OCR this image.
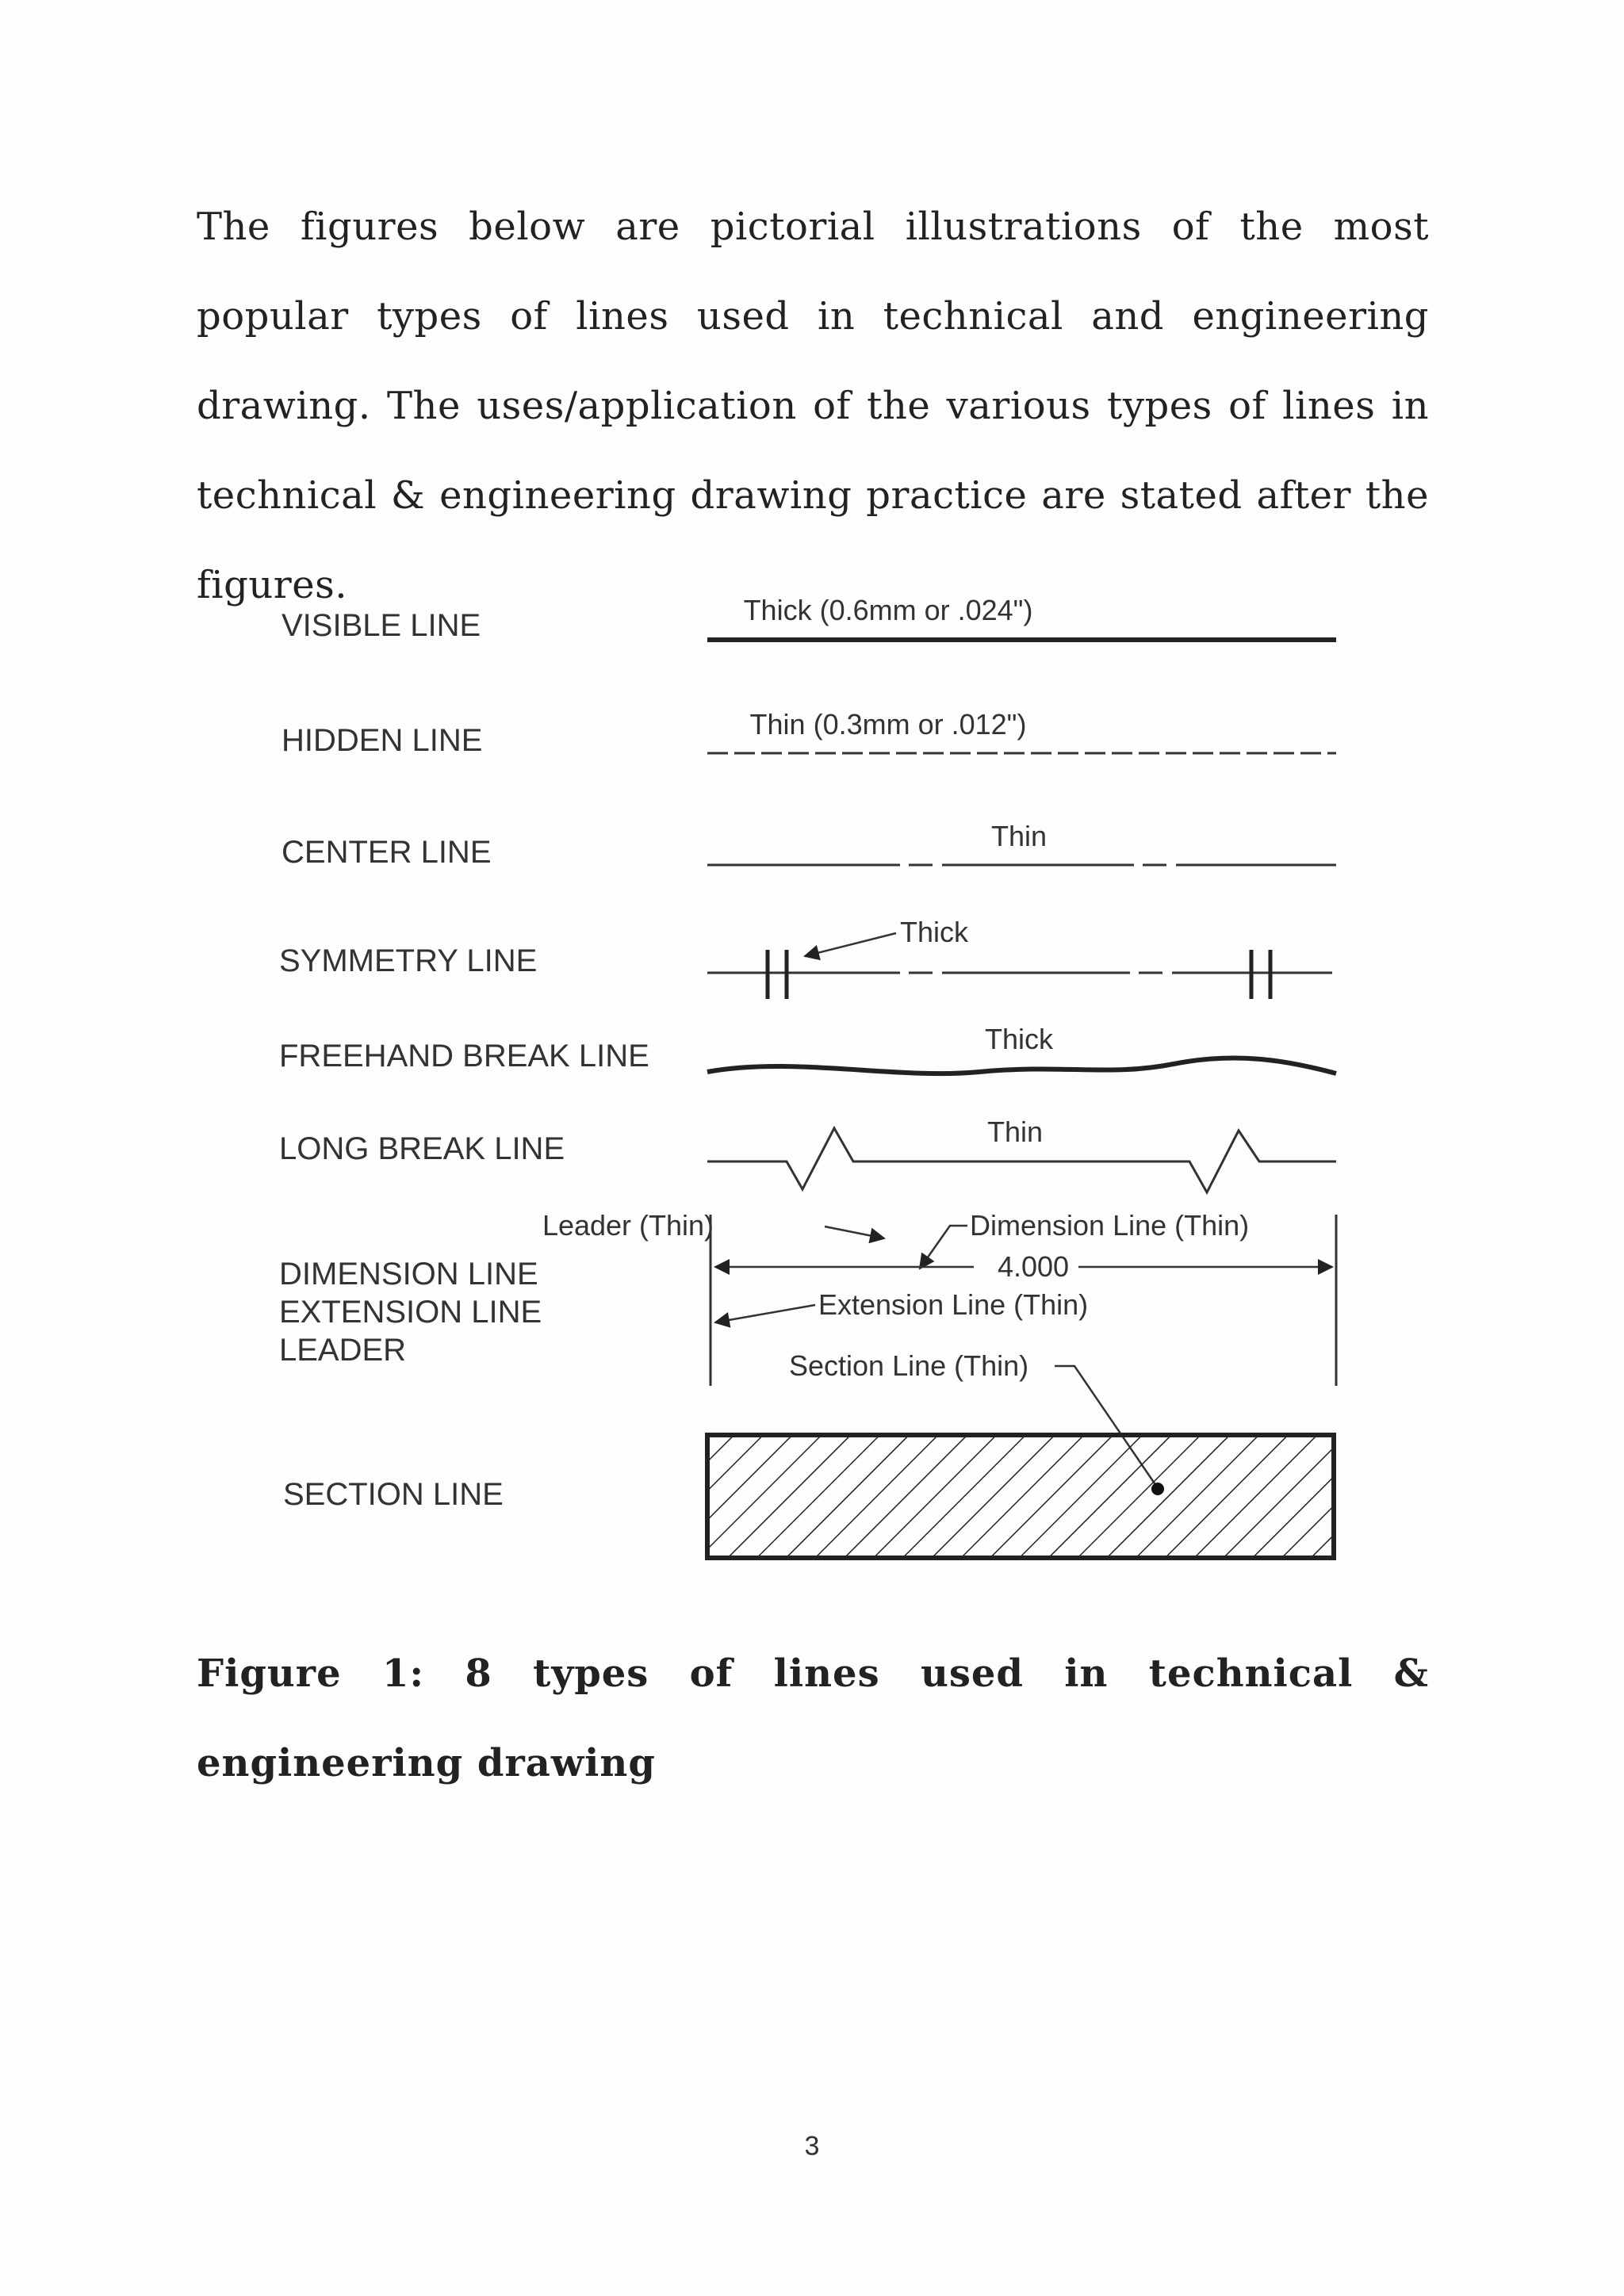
The figures below are pictorial illustrations of the most popular types of lines used in technical and engineering drawing. The uses/application of the various types of lines in technical & engineering drawing practice are stated after the figures.

VISIBLE LINE
HIDDEN LINE
CENTER LINE
SYMMETRY LINE
FREEHAND BREAK LINE
LONG BREAK LINE
DIMENSION LINE
EXTENSION LINE
LEADER
SECTION LINE
Thick (0.6mm or .024")
Thin (0.3mm or .012")
Thin
Thick
Thick
Thin
Leader (Thin)	Dimension Line (Thin)
4.000
Extension Line (Thin)
Section Line (Thin)

Figure 1: 8 types of lines used in technical & engineering drawing

3
